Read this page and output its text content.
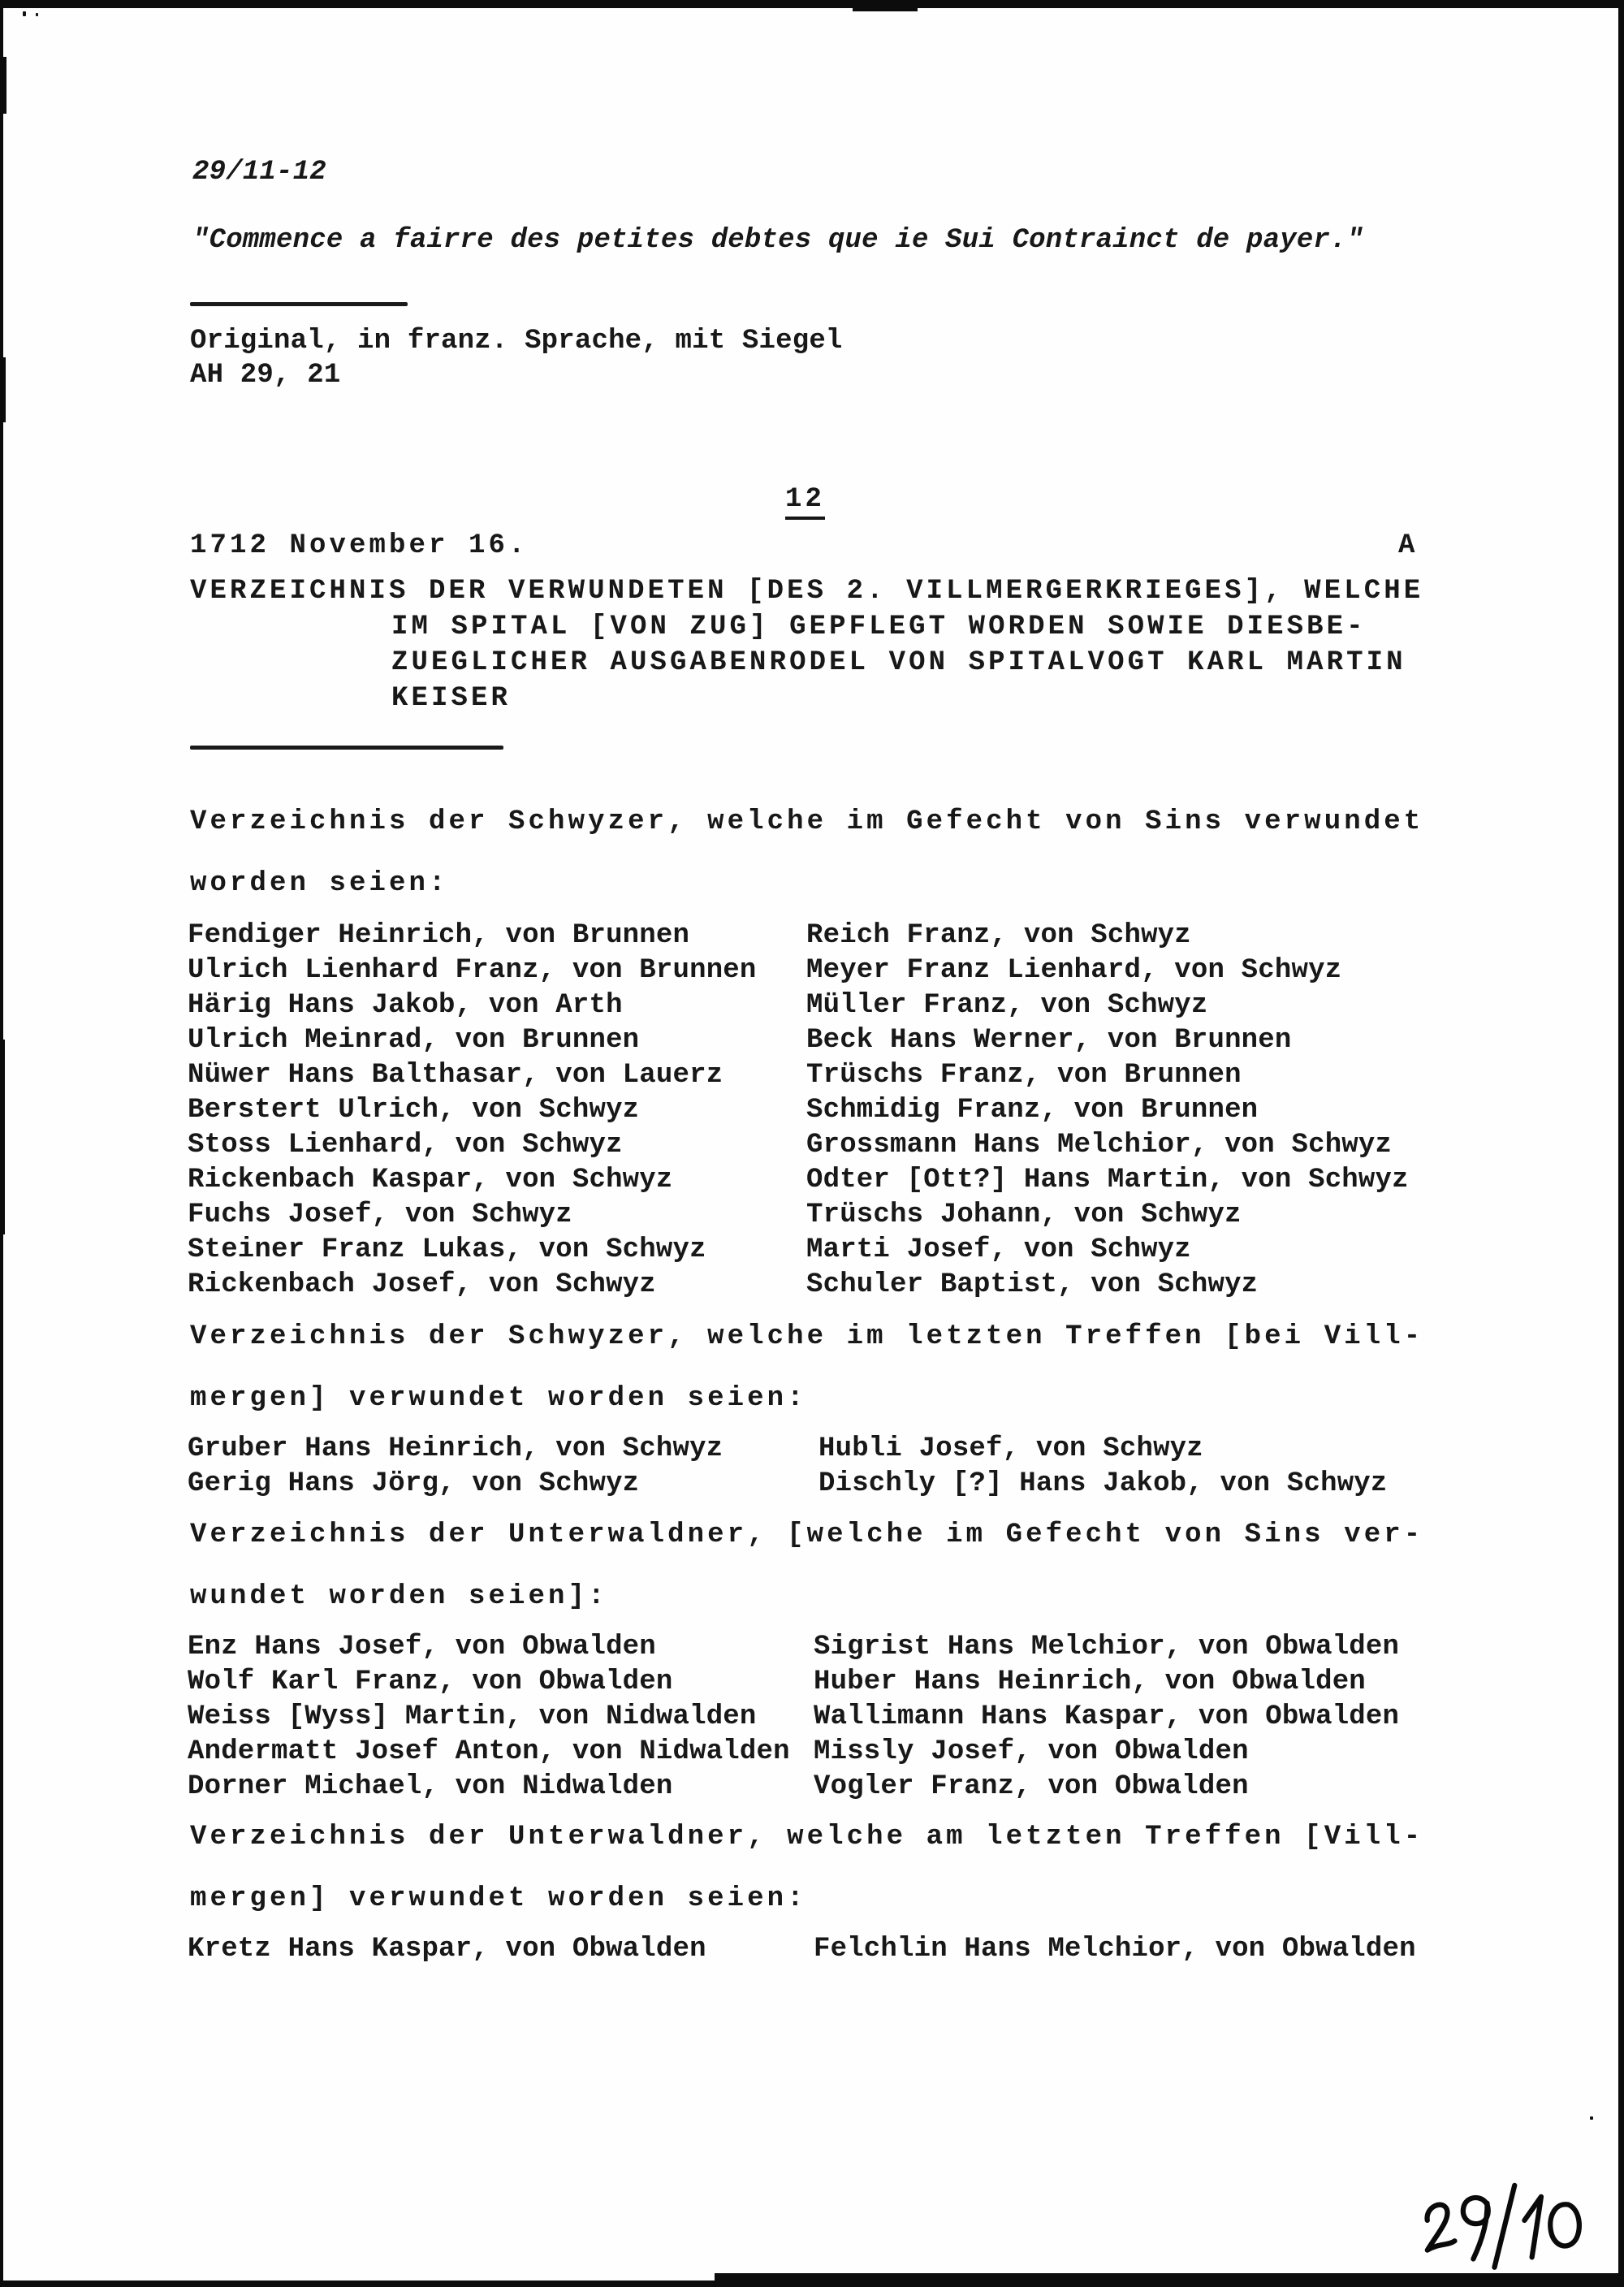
29/11-12
"Commence a fairre des petites debtes que ie Sui Contrainct de payer."
Original, in franz. Sprache, mit Siegel
AH 29, 21
12
1712 November 16.	A
VERZEICHNIS DER VERWUNDETEN [DES 2. VILLMERGERKRIEGES], WELCHE
IM SPITAL [VON ZUG] GEPFLEGT WORDEN SOWIE DIESBE-
ZUEGLICHER AUSGABENRODEL VON SPITALVOGT KARL MARTIN
KEISER
Verzeichnis der Schwyzer, welche im Gefecht von Sins verwundet
worden seien:
Fendiger Heinrich, von Brunnen
Ulrich Lienhard Franz, von Brunnen
Härig Hans Jakob, von Arth
Ulrich Meinrad, von Brunnen
Nüwer Hans Balthasar, von Lauerz
Berstert Ulrich, von Schwyz
Stoss Lienhard, von Schwyz
Rickenbach Kaspar, von Schwyz
Fuchs Josef, von Schwyz
Steiner Franz Lukas, von Schwyz
Rickenbach Josef, von Schwyz
Reich Franz, von Schwyz
Meyer Franz Lienhard, von Schwyz
Müller Franz, von Schwyz
Beck Hans Werner, von Brunnen
Trüschs Franz, von Brunnen
Schmidig Franz, von Brunnen
Grossmann Hans Melchior, von Schwyz
Odter [Ott?] Hans Martin, von Schwyz
Trüschs Johann, von Schwyz
Marti Josef, von Schwyz
Schuler Baptist, von Schwyz
Verzeichnis der Schwyzer, welche im letzten Treffen [bei Vill-
mergen] verwundet worden seien:
Gruber Hans Heinrich, von Schwyz
Gerig Hans Jörg, von Schwyz
Hubli Josef, von Schwyz
Dischly [?] Hans Jakob, von Schwyz
Verzeichnis der Unterwaldner, [welche im Gefecht von Sins ver-
wundet worden seien]:
Enz Hans Josef, von Obwalden
Wolf Karl Franz, von Obwalden
Weiss [Wyss] Martin, von Nidwalden
Andermatt Josef Anton, von Nidwalden
Dorner Michael, von Nidwalden
Sigrist Hans Melchior, von Obwalden
Huber Hans Heinrich, von Obwalden
Wallimann Hans Kaspar, von Obwalden
Missly Josef, von Obwalden
Vogler Franz, von Obwalden
Verzeichnis der Unterwaldner, welche am letzten Treffen [Vill-
mergen] verwundet worden seien:
Kretz Hans Kaspar, von Obwalden	Felchlin Hans Melchior, von Obwalden
